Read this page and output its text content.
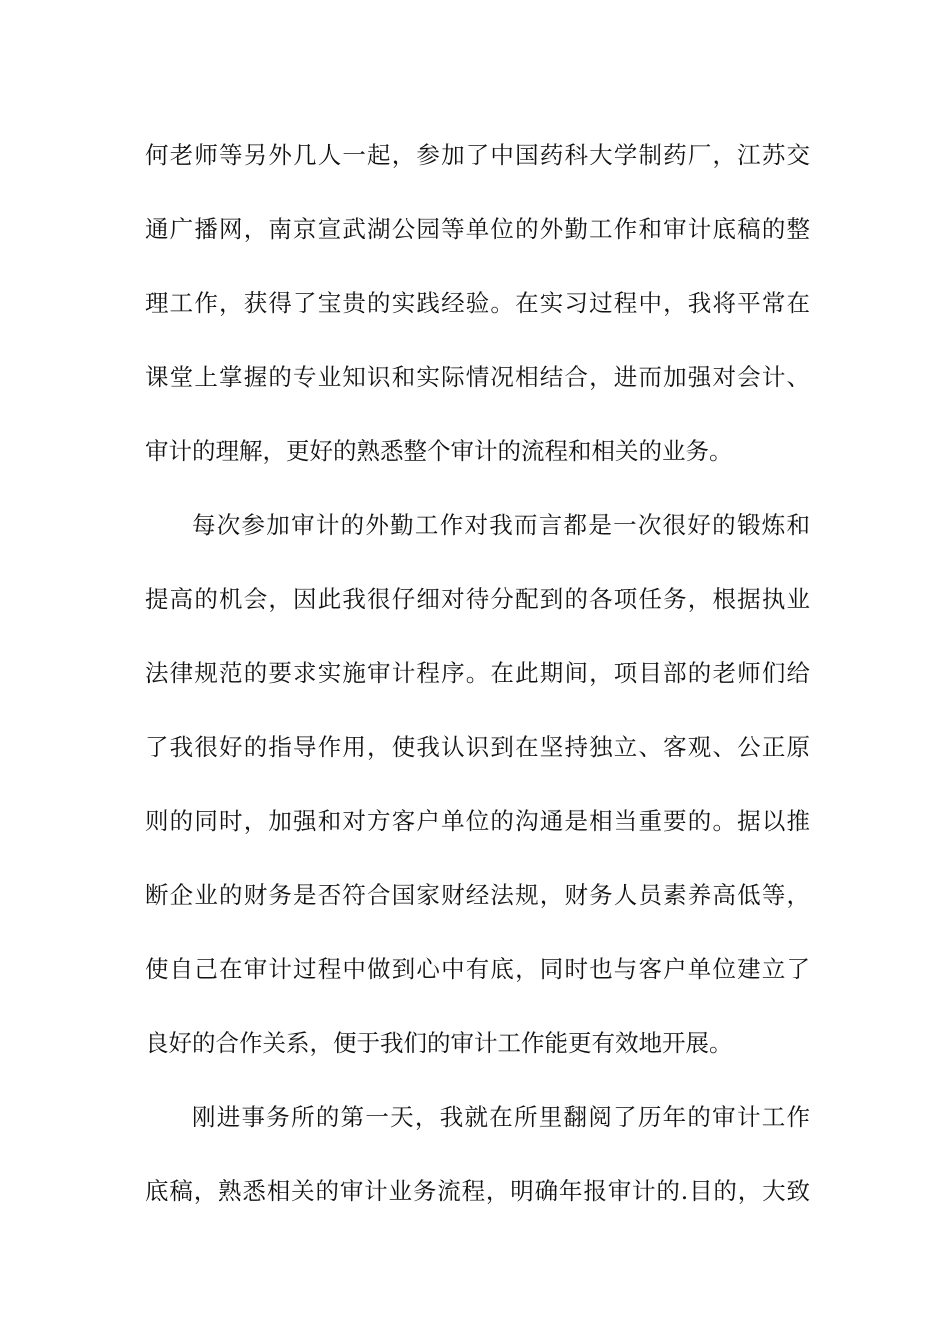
何老师等另外几人一起，参加了中国药科大学制药厂，江苏交
通广播网，南京宣武湖公园等单位的外勤工作和审计底稿的整
理工作，获得了宝贵的实践经验。在实习过程中，我将平常在
课堂上掌握的专业知识和实际情况相结合，进而加强对会计、
审计的理解，更好的熟悉整个审计的流程和相关的业务。
每次参加审计的外勤工作对我而言都是一次很好的锻炼和
提高的机会，因此我很仔细对待分配到的各项任务，根据执业
法律规范的要求实施审计程序。在此期间，项目部的老师们给
了我很好的指导作用，使我认识到在坚持独立、客观、公正原
则的同时，加强和对方客户单位的沟通是相当重要的。据以推
断企业的财务是否符合国家财经法规，财务人员素养高低等，
使自己在审计过程中做到心中有底，同时也与客户单位建立了
良好的合作关系，便于我们的审计工作能更有效地开展。
刚进事务所的第一天，我就在所里翻阅了历年的审计工作
底稿，熟悉相关的审计业务流程，明确年报审计的.目的，大致
